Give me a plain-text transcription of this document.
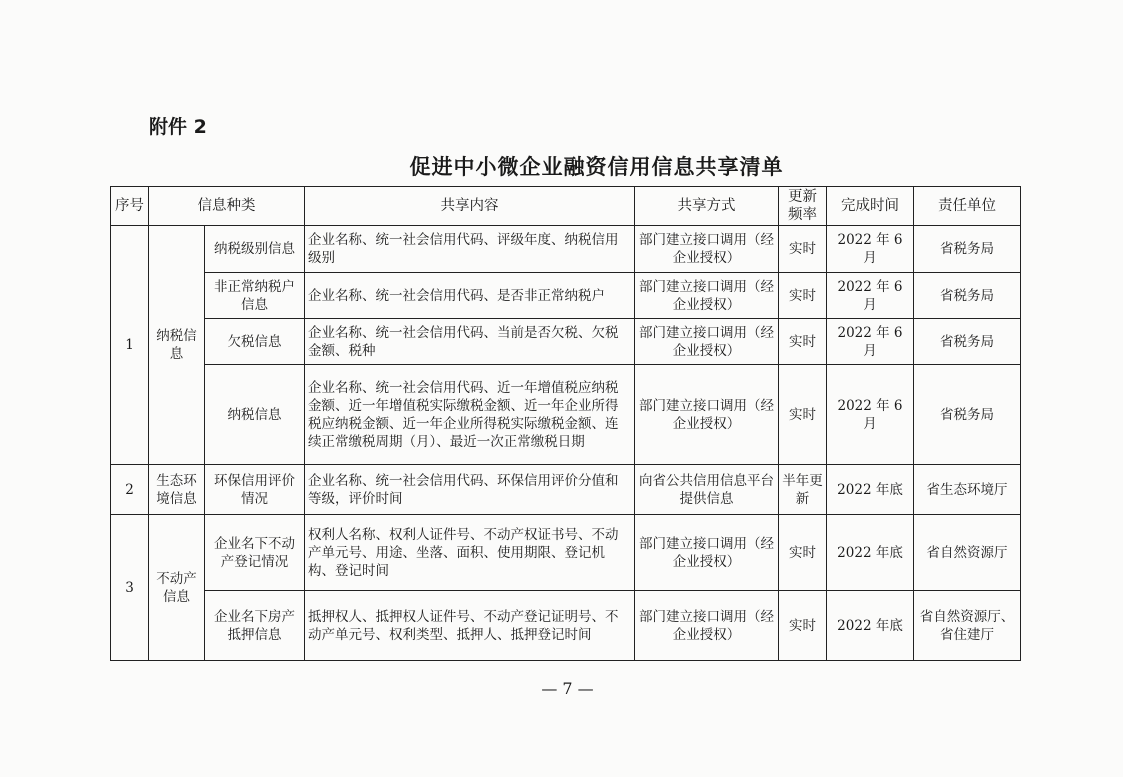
附件 2
促进中小微企业融资信用信息共享清单
序号	信息种类		共享内容	共享方式	更新频率	完成时间	责任单位
1	纳税信息	纳税级别信息	企业名称、统一社会信用代码、评级年度、纳税信用级别	部门建立接口调用（经企业授权）	实时	2022 年 6 月	省税务局
		非正常纳税户信息	企业名称、统一社会信用代码、是否非正常纳税户	部门建立接口调用（经企业授权）	实时	2022 年 6 月	省税务局
		欠税信息	企业名称、统一社会信用代码、当前是否欠税、欠税金额、税种	部门建立接口调用（经企业授权）	实时	2022 年 6 月	省税务局
		纳税信息	企业名称、统一社会信用代码、近一年增值税应纳税金额、近一年增值税实际缴税金额、近一年企业所得税应纳税金额、近一年企业所得税实际缴税金额、连续正常缴税周期（月）、最近一次正常缴税日期	部门建立接口调用（经企业授权）	实时	2022 年 6 月	省税务局
2	生态环境信息	环保信用评价情况	企业名称、统一社会信用代码、环保信用评价分值和等级，评价时间	向省公共信用信息平台提供信息	半年更新	2022 年底	省生态环境厅
3	不动产信息	企业名下不动产登记情况	权利人名称、权利人证件号、不动产权证书号、不动产单元号、用途、坐落、面积、使用期限、登记机构、登记时间	部门建立接口调用（经企业授权）	实时	2022 年底	省自然资源厅
		企业名下房产抵押信息	抵押权人、抵押权人证件号、不动产登记证明号、不动产单元号、权利类型、抵押人、抵押登记时间	部门建立接口调用（经企业授权）	实时	2022 年底	省自然资源厅、省住建厅
— 7 —
